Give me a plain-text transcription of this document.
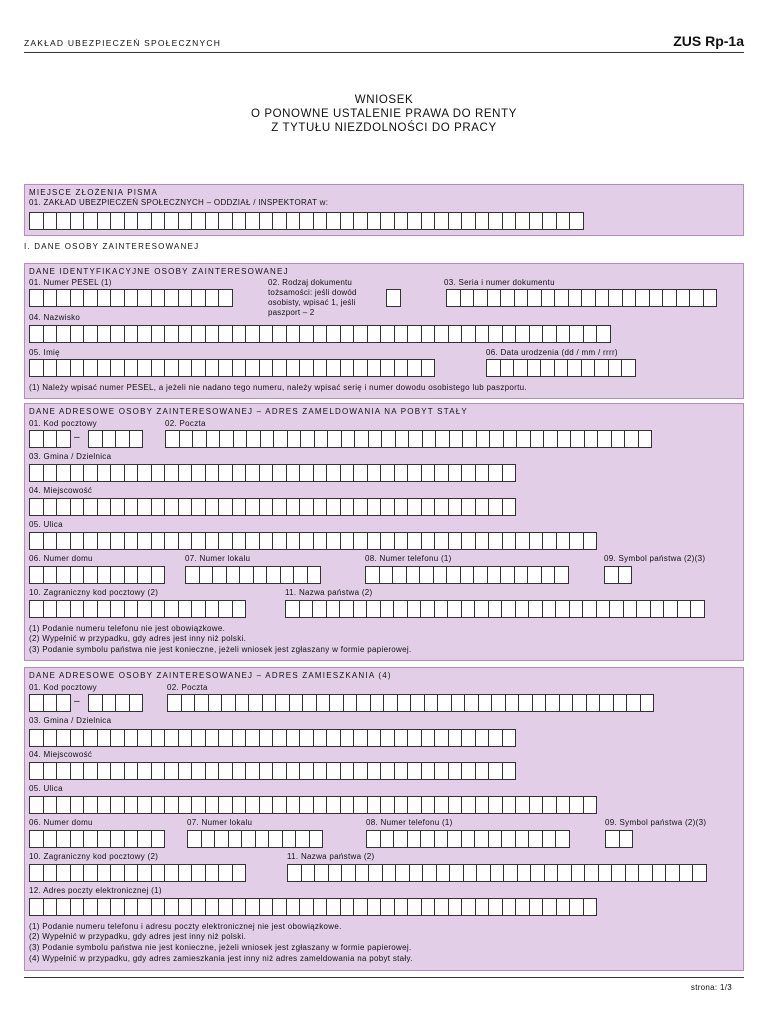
ZAKŁAD UBEZPIECZEŃ SPOŁECZNYCH	ZUS Rp-1a
WNIOSEK
O PONOWNE USTALENIE PRAWA DO RENTY
Z TYTUŁU NIEZDOLNOŚCI DO PRACY
MIEJSCE ZŁOŻENIA PISMA
01. ZAKŁAD UBEZPIECZEŃ SPOŁECZNYCH – ODDZIAŁ / INSPEKTORAT w:
I. DANE OSOBY ZAINTERESOWANEJ
DANE IDENTYFIKACYJNE OSOBY ZAINTERESOWANEJ
01. Numer PESEL (1)	02. Rodzaj dokumentu tożsamości: jeśli dowód osobisty, wpisać 1, jeśli paszport – 2
03. Seria i numer dokumentu
04. Nazwisko
05. Imię	06. Data urodzenia (dd / mm / rrrr)
(1) Należy wpisać numer PESEL, a jeżeli nie nadano tego numeru, należy wpisać serię i numer dowodu osobistego lub paszportu.
DANE ADRESOWE OSOBY ZAINTERESOWANEJ – ADRES ZAMELDOWANIA NA POBYT STAŁY
01. Kod pocztowy
–
02. Poczta
03. Gmina / Dzielnica
04. Miejscowość
05. Ulica
06. Numer domu	07. Numer lokalu	08. Numer telefonu (1)	09. Symbol państwa (2)(3)
10. Zagraniczny kod pocztowy (2)	11. Nazwa państwa (2)
(1) Podanie numeru telefonu nie jest obowiązkowe.
(2) Wypełnić w przypadku, gdy adres jest inny niż polski.
(3) Podanie symbolu państwa nie jest konieczne, jeżeli wniosek jest zgłaszany w formie papierowej.
DANE ADRESOWE OSOBY ZAINTERESOWANEJ – ADRES ZAMIESZKANIA (4)
01. Kod pocztowy
–
02. Poczta
03. Gmina / Dzielnica
04. Miejscowość
05. Ulica
06. Numer domu	07. Numer lokalu	08. Numer telefonu (1)	09. Symbol państwa (2)(3)
10. Zagraniczny kod pocztowy (2)	11. Nazwa państwa (2)
12. Adres poczty elektronicznej (1)
(1) Podanie numeru telefonu i adresu poczty elektronicznej nie jest obowiązkowe.
(2) Wypełnić w przypadku, gdy adres jest inny niż polski.
(3) Podanie symbolu państwa nie jest konieczne, jeżeli wniosek jest zgłaszany w formie papierowej.
(4) Wypełnić w przypadku, gdy adres zamieszkania jest inny niż adres zameldowania na pobyt stały.
strona: 1/3
